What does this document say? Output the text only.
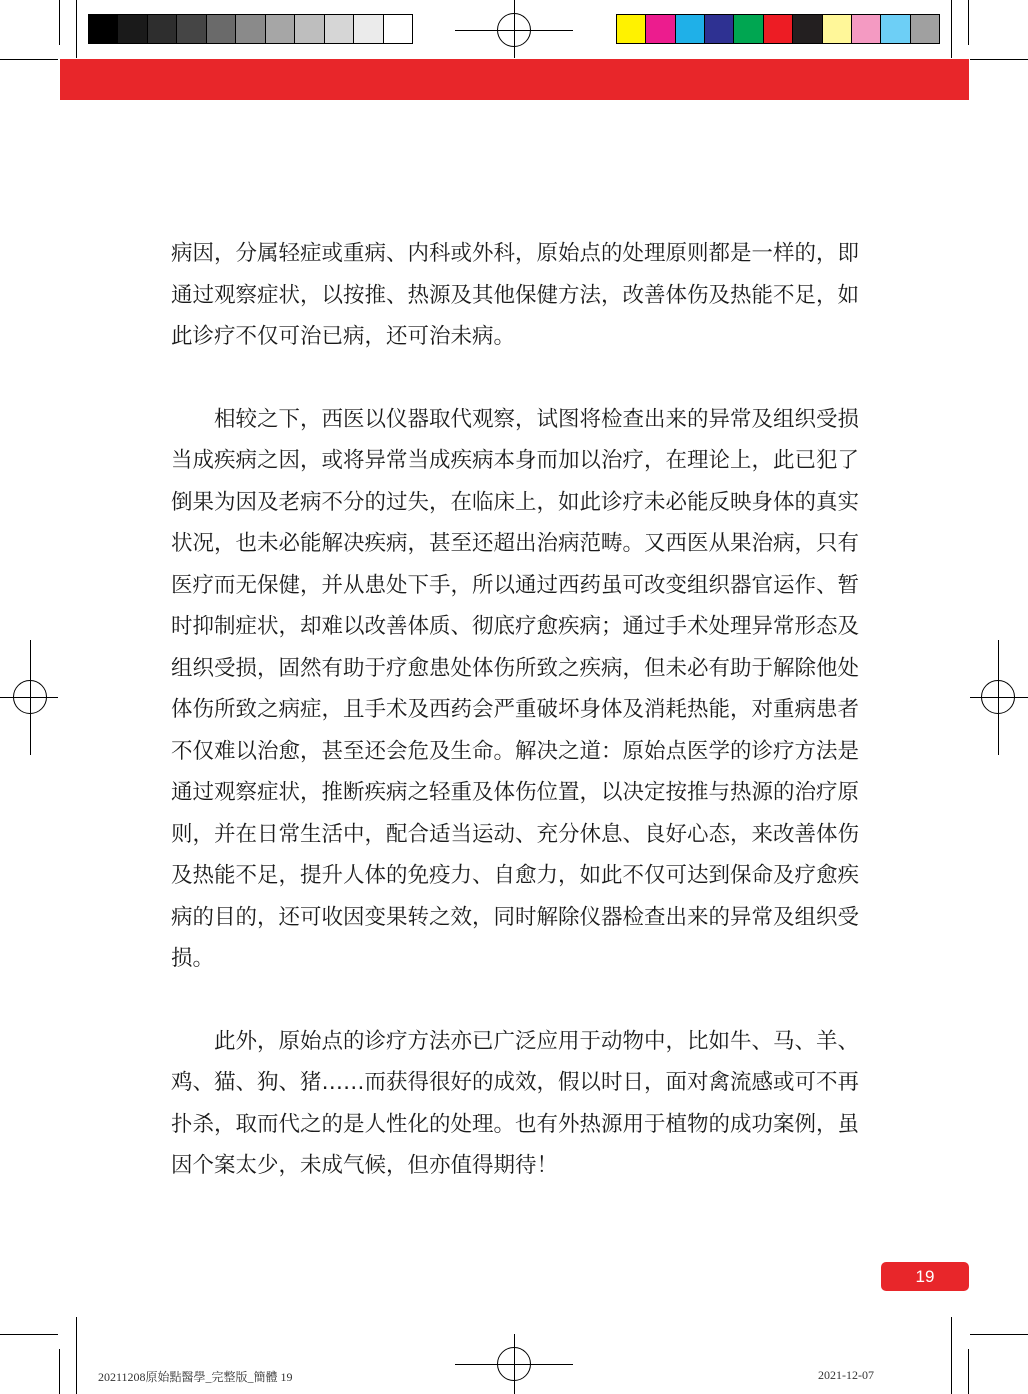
病因，分属轻症或重病、内科或外科，原始点的处理原则都是一样的，即通过观察症状，以按推、热源及其他保健方法，改善体伤及热能不足，如此诊疗不仅可治已病，还可治未病。

相较之下，西医以仪器取代观察，试图将检查出来的异常及组织受损当成疾病之因，或将异常当成疾病本身而加以治疗，在理论上，此已犯了倒果为因及老病不分的过失，在临床上，如此诊疗未必能反映身体的真实状况，也未必能解决疾病，甚至还超出治病范畴。又西医从果治病，只有医疗而无保健，并从患处下手，所以通过西药虽可改变组织器官运作、暂时抑制症状，却难以改善体质、彻底疗愈疾病；通过手术处理异常形态及组织受损，固然有助于疗愈患处体伤所致之疾病，但未必有助于解除他处体伤所致之病症，且手术及西药会严重破坏身体及消耗热能，对重病患者不仅难以治愈，甚至还会危及生命。解决之道：原始点医学的诊疗方法是通过观察症状，推断疾病之轻重及体伤位置，以决定按推与热源的治疗原则，并在日常生活中，配合适当运动、充分休息、良好心态，来改善体伤及热能不足，提升人体的免疫力、自愈力，如此不仅可达到保命及疗愈疾病的目的，还可收因变果转之效，同时解除仪器检查出来的异常及组织受损。

此外，原始点的诊疗方法亦已广泛应用于动物中，比如牛、马、羊、鸡、猫、狗、猪……而获得很好的成效，假以时日，面对禽流感或可不再扑杀，取而代之的是人性化的处理。也有外热源用于植物的成功案例，虽因个案太少，未成气候，但亦值得期待！

19
20211208原始點醫學_完整版_簡體 19	2021-12-07
